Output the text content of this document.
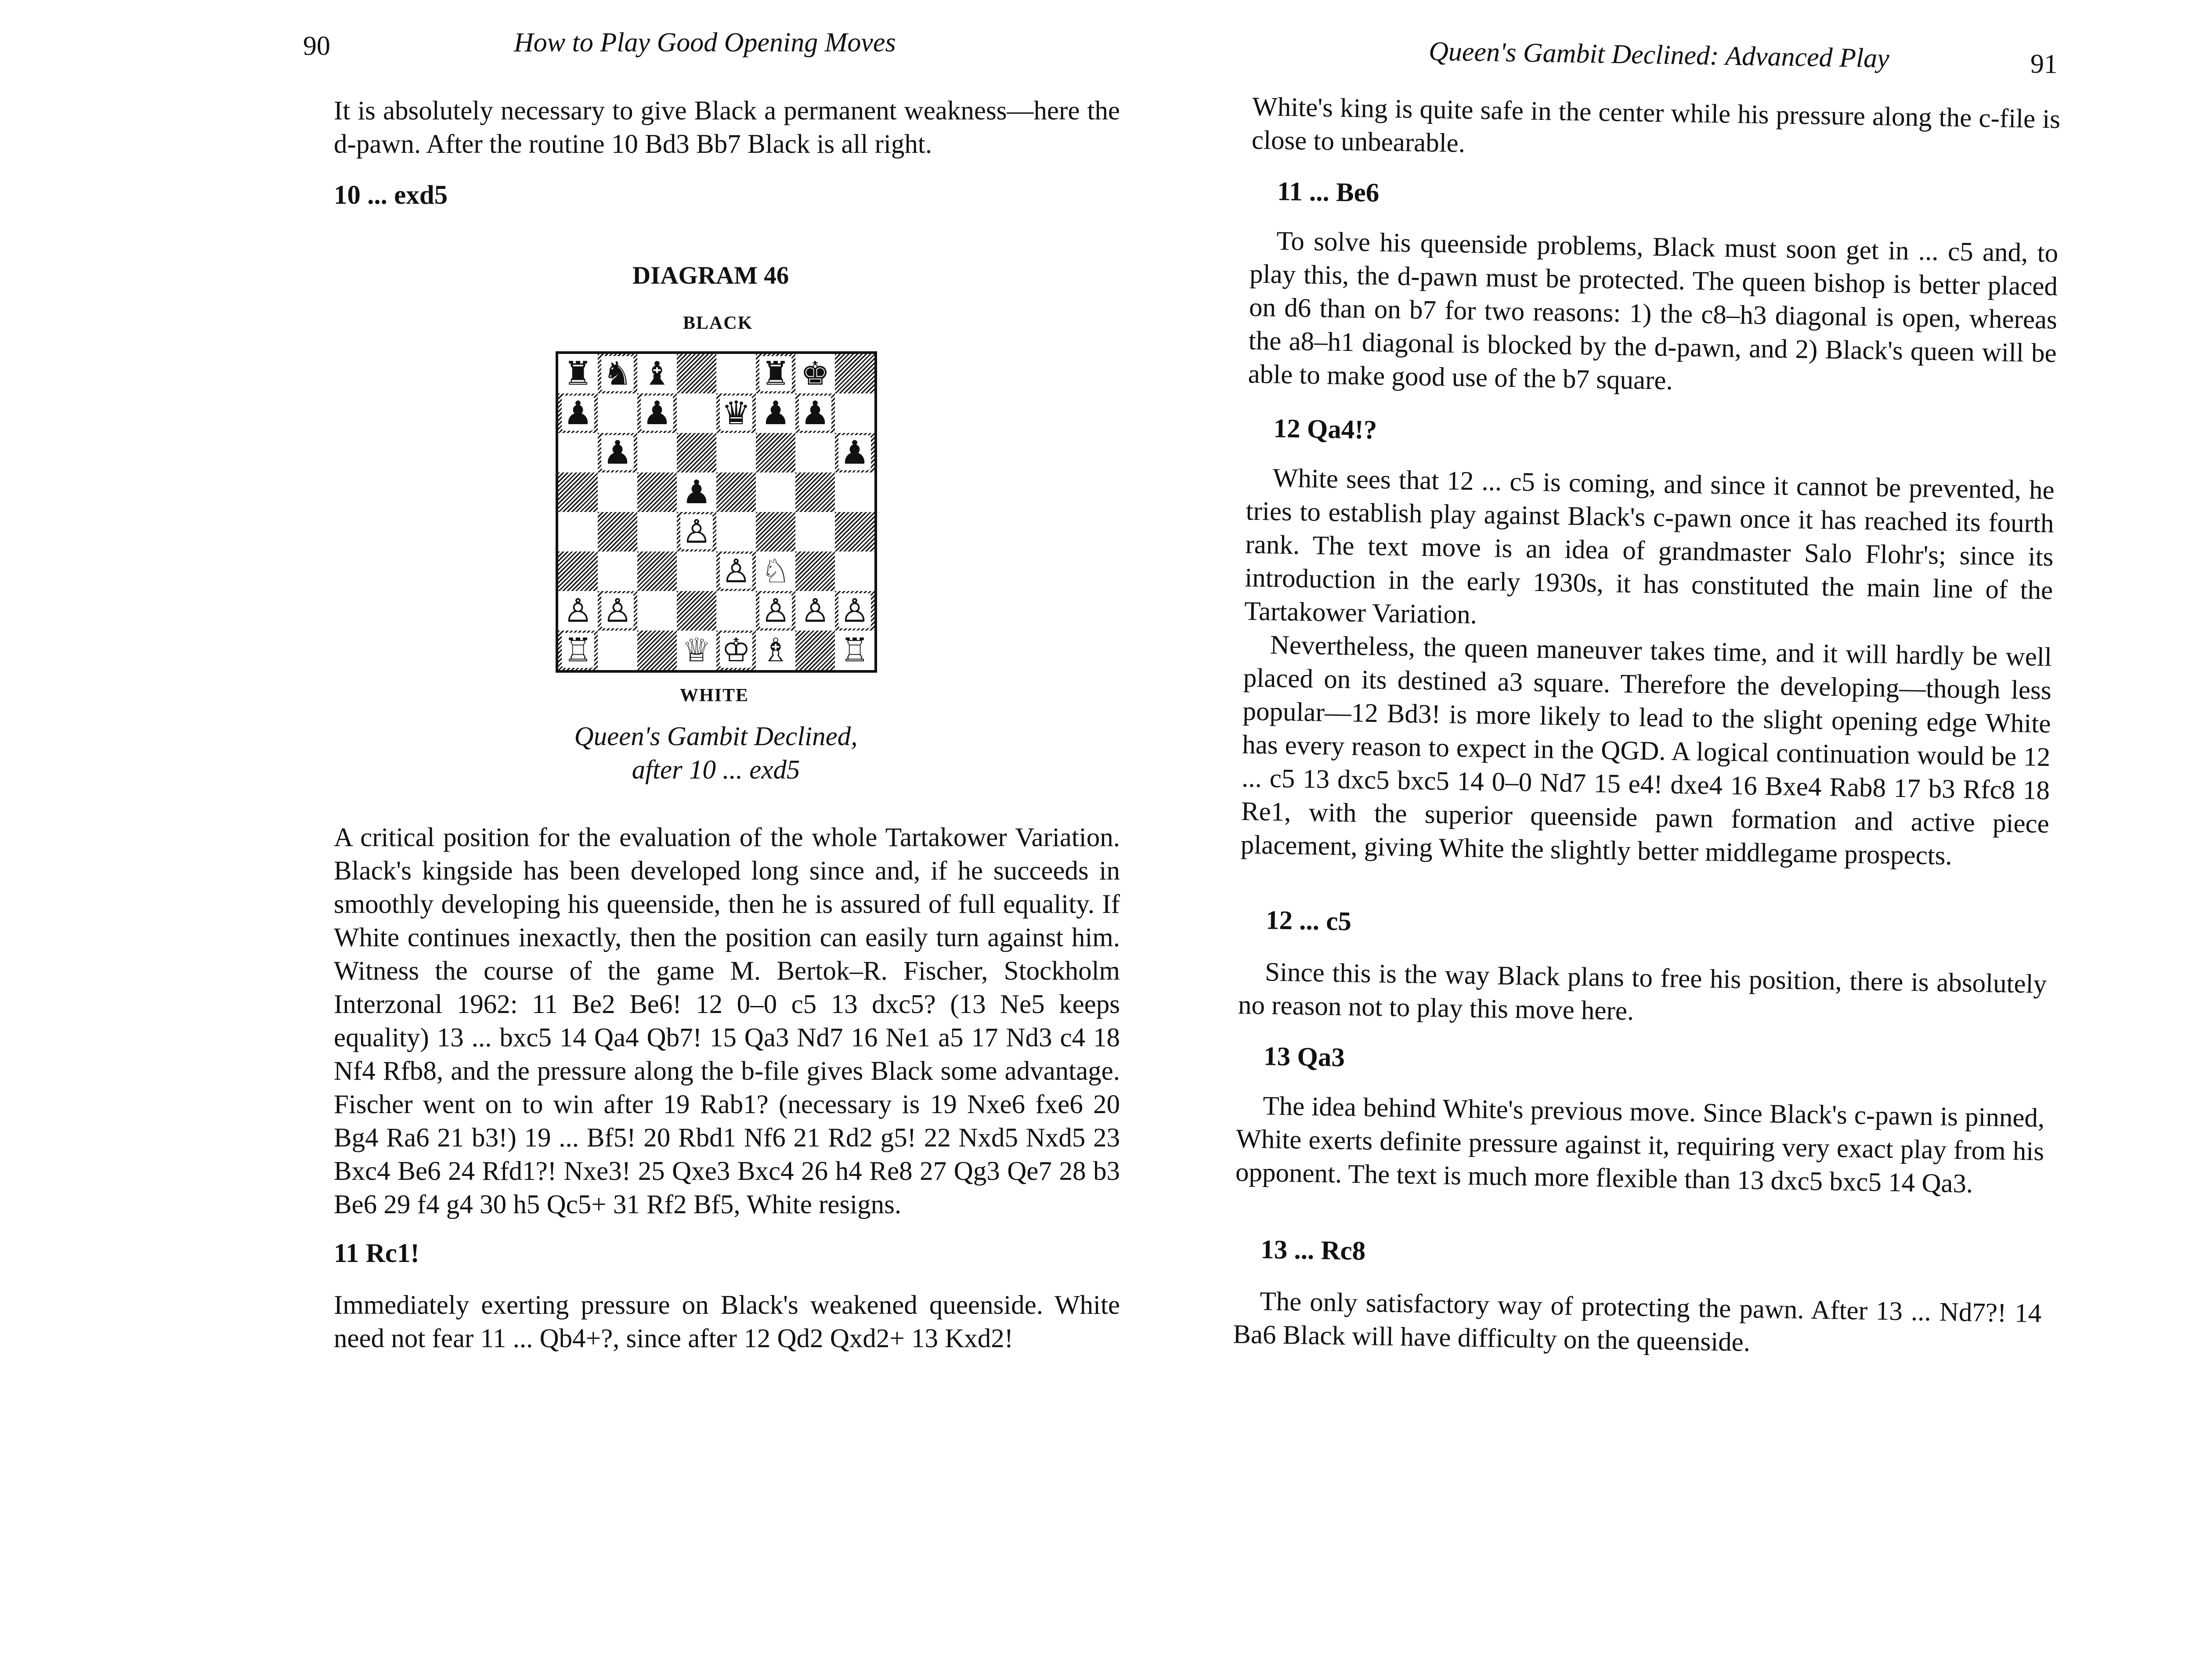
90	How to Play Good Opening Moves

It is absolutely necessary to give Black a permanent weakness—here the d-pawn. After the routine 10 Bd3 Bb7 Black is all right.

10 ... exd5
DIAGRAM 46
BLACK
♜ ♞ ♝	♜ ♚
♟ ♟ ♛ ♟ ♟
♟	♟
♟
♙
♙ ♘
♙ ♙	♙ ♙ ♙
♖	♕ ♔ ♗ ♖
WHITE
Queen's Gambit Declined,
after 10 ... exd5

A critical position for the evaluation of the whole Tartakower Variation. Black's kingside has been developed long since and, if he succeeds in smoothly developing his queenside, then he is assured of full equality. If White continues inexactly, then the position can easily turn against him. Witness the course of the game M. Bertok–R. Fischer, Stockholm Interzonal 1962: 11 Be2 Be6! 12 0–0 c5 13 dxc5? (13 Ne5 keeps equality) 13 ... bxc5 14 Qa4 Qb7! 15 Qa3 Nd7 16 Ne1 a5 17 Nd3 c4 18 Nf4 Rfb8, and the pressure along the b-file gives Black some advantage. Fischer went on to win after 19 Rab1? (necessary is 19 Nxe6 fxe6 20 Bg4 Ra6 21 b3!) 19 ... Bf5! 20 Rbd1 Nf6 21 Rd2 g5! 22 Nxd5 Nxd5 23 Bxc4 Be6 24 Rfd1?! Nxe3! 25 Qxe3 Bxc4 26 h4 Re8 27 Qg3 Qe7 28 b3 Be6 29 f4 g4 30 h5 Qc5+ 31 Rf2 Bf5, White resigns.

11 Rc1!

Immediately exerting pressure on Black's weakened queenside. White need not fear 11 ... Qb4+?, since after 12 Qd2 Qxd2+ 13 Kxd2!

Queen's Gambit Declined: Advanced Play	91

White's king is quite safe in the center while his pressure along the c-file is close to unbearable.

11 ... Be6

To solve his queenside problems, Black must soon get in ... c5 and, to play this, the d-pawn must be protected. The queen bishop is better placed on d6 than on b7 for two reasons: 1) the c8–h3 diagonal is open, whereas the a8–h1 diagonal is blocked by the d-pawn, and 2) Black's queen will be able to make good use of the b7 square.

12 Qa4!?

White sees that 12 ... c5 is coming, and since it cannot be prevented, he tries to establish play against Black's c-pawn once it has reached its fourth rank. The text move is an idea of grandmaster Salo Flohr's; since its introduction in the early 1930s, it has constituted the main line of the Tartakower Variation.

Nevertheless, the queen maneuver takes time, and it will hardly be well placed on its destined a3 square. Therefore the developing—though less popular—12 Bd3! is more likely to lead to the slight opening edge White has every reason to expect in the QGD. A logical continuation would be 12 ... c5 13 dxc5 bxc5 14 0–0 Nd7 15 e4! dxe4 16 Bxe4 Rab8 17 b3 Rfc8 18 Re1, with the superior queenside pawn formation and active piece placement, giving White the slightly better middlegame prospects.

12 ... c5

Since this is the way Black plans to free his position, there is absolutely no reason not to play this move here.

13 Qa3

The idea behind White's previous move. Since Black's c-pawn is pinned, White exerts definite pressure against it, requiring very exact play from his opponent. The text is much more flexible than 13 dxc5 bxc5 14 Qa3.

13 ... Rc8

The only satisfactory way of protecting the pawn. After 13 ... Nd7?! 14 Ba6 Black will have difficulty on the queenside.
